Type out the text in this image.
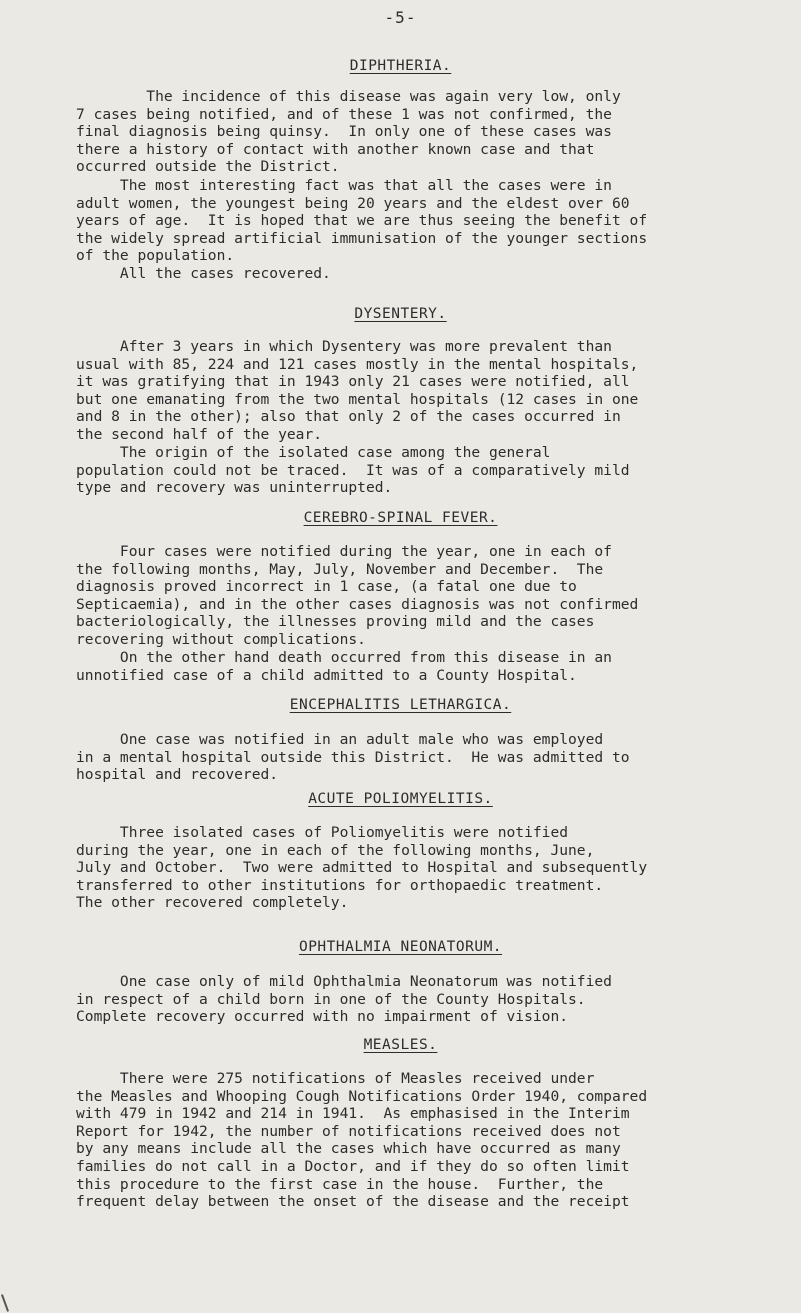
-5-
DIPHTHERIA.
The incidence of this disease was again very low, only
7 cases being notified, and of these 1 was not confirmed, the
final diagnosis being quinsy.  In only one of these cases was
there a history of contact with another known case and that
occurred outside the District.
The most interesting fact was that all the cases were in
adult women, the youngest being 20 years and the eldest over 60
years of age.  It is hoped that we are thus seeing the benefit of
the widely spread artificial immunisation of the younger sections
of the population.
All the cases recovered.
DYSENTERY.
After 3 years in which Dysentery was more prevalent than
usual with 85, 224 and 121 cases mostly in the mental hospitals,
it was gratifying that in 1943 only 21 cases were notified, all
but one emanating from the two mental hospitals (12 cases in one
and 8 in the other); also that only 2 of the cases occurred in
the second half of the year.
The origin of the isolated case among the general
population could not be traced.  It was of a comparatively mild
type and recovery was uninterrupted.
CEREBRO-SPINAL FEVER.
Four cases were notified during the year, one in each of
the following months, May, July, November and December.  The
diagnosis proved incorrect in 1 case, (a fatal one due to
Septicaemia), and in the other cases diagnosis was not confirmed
bacteriologically, the illnesses proving mild and the cases
recovering without complications.
On the other hand death occurred from this disease in an
unnotified case of a child admitted to a County Hospital.
ENCEPHALITIS LETHARGICA.
One case was notified in an adult male who was employed
in a mental hospital outside this District.  He was admitted to
hospital and recovered.
ACUTE POLIOMYELITIS.
Three isolated cases of Poliomyelitis were notified
during the year, one in each of the following months, June,
July and October.  Two were admitted to Hospital and subsequently
transferred to other institutions for orthopaedic treatment.
The other recovered completely.
OPHTHALMIA NEONATORUM.
One case only of mild Ophthalmia Neonatorum was notified
in respect of a child born in one of the County Hospitals.
Complete recovery occurred with no impairment of vision.
MEASLES.
There were 275 notifications of Measles received under
the Measles and Whooping Cough Notifications Order 1940, compared
with 479 in 1942 and 214 in 1941.  As emphasised in the Interim
Report for 1942, the number of notifications received does not
by any means include all the cases which have occurred as many
families do not call in a Doctor, and if they do so often limit
this procedure to the first case in the house.  Further, the
frequent delay between the onset of the disease and the receipt
